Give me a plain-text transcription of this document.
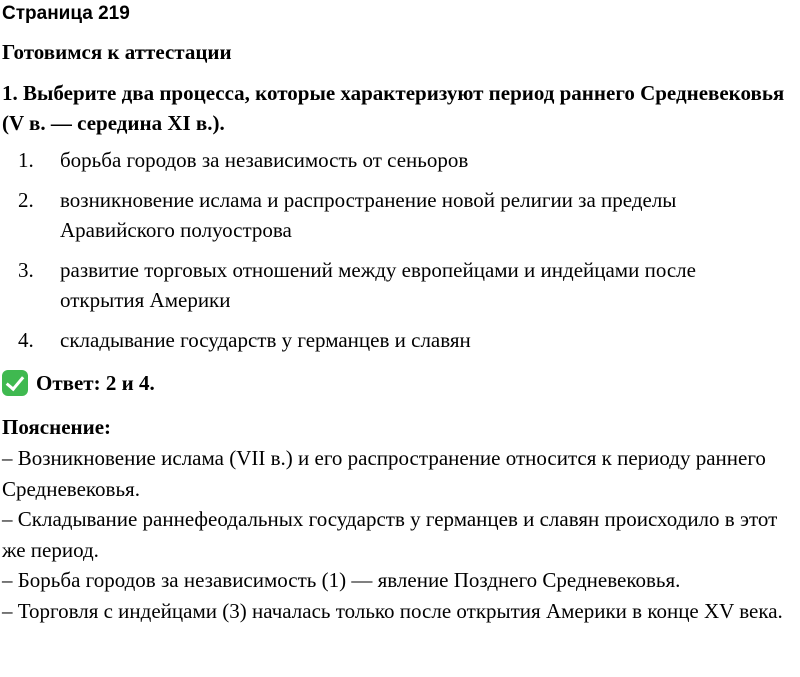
Страница 219
Готовимся к аттестации
1. Выберите два процесса, которые характеризуют период раннего Средневековья (V в. — середина XI в.).
1.	борьба городов за независимость от сеньоров
2.	возникновение ислама и распространение новой религии за пределы Аравийского полуострова
3.	развитие торговых отношений между европейцами и индейцами после открытия Америки
4.	складывание государств у германцев и славян
Ответ: 2 и 4.
Пояснение:

– Возникновение ислама (VII в.) и его распространение относится к периоду раннего Средневековья.

– Складывание раннефеодальных государств у германцев и славян происходило в этот же период.

– Борьба городов за независимость (1) — явление Позднего Средневековья.

– Торговля с индейцами (3) началась только после открытия Америки в конце XV века.
